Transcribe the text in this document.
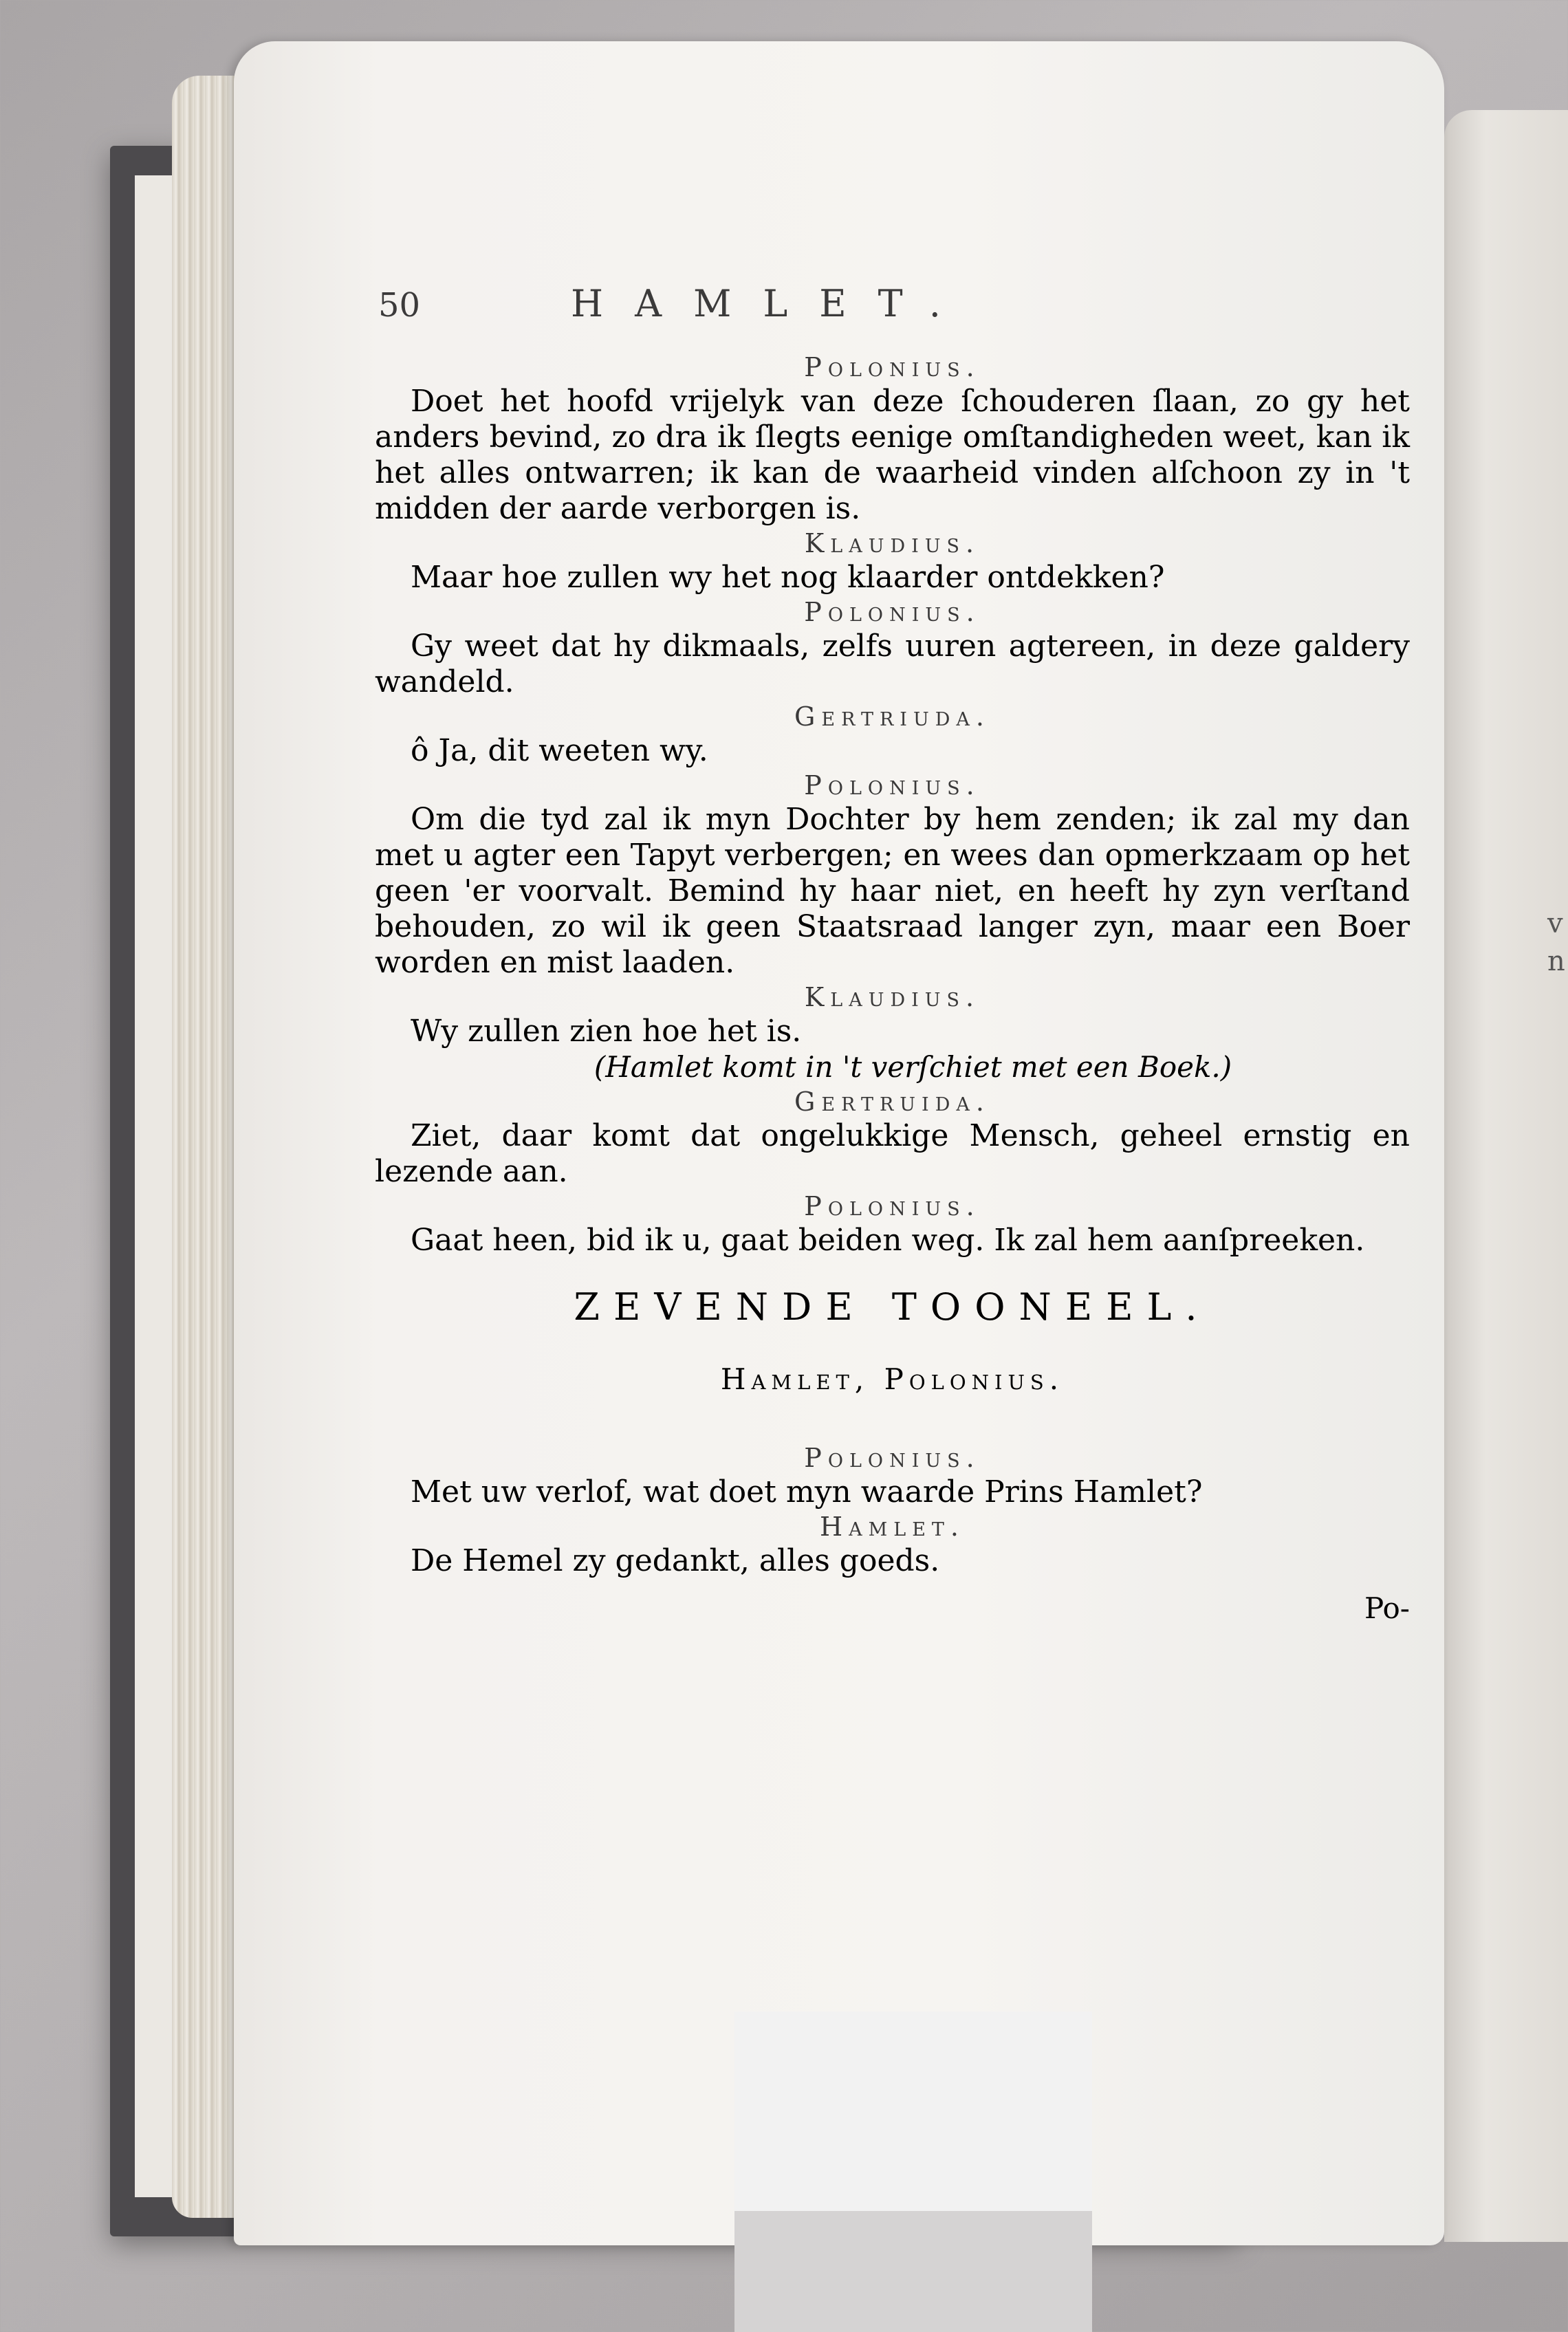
v
n
50	HAMLET.

Polonius.

Doet het hoofd vrijelyk van deze ſchouderen ſlaan, zo gy het anders bevind, zo dra ik ſlegts eenige omſtandigheden weet, kan ik het alles ontwarren; ik kan de waarheid vinden alſchoon zy in 't midden der aarde verborgen is.

Klaudius.

Maar hoe zullen wy het nog klaarder ontdekken?

Polonius.

Gy weet dat hy dikmaals, zelfs uuren agtereen, in deze galdery wandeld.

Gertriuda.

ô Ja, dit weeten wy.

Polonius.

Om die tyd zal ik myn Dochter by hem zenden; ik zal my dan met u agter een Tapyt verbergen; en wees dan opmerkzaam op het geen 'er voorvalt. Bemind hy haar niet, en heeft hy zyn verſtand behouden, zo wil ik geen Staatsraad langer zyn, maar een Boer worden en mist laaden.

Klaudius.

Wy zullen zien hoe het is.

(Hamlet komt in 't verſchiet met een Boek.)

Gertruida.

Ziet, daar komt dat ongelukkige Mensch, geheel ernstig en lezende aan.

Polonius.

Gaat heen, bid ik u, gaat beiden weg. Ik zal hem aanſpreeken.

ZEVENDE TOONEEL.
Hamlet, Polonius.

Polonius.

Met uw verlof, wat doet myn waarde Prins Hamlet?

Hamlet.

De Hemel zy gedankt, alles goeds.

Po-
